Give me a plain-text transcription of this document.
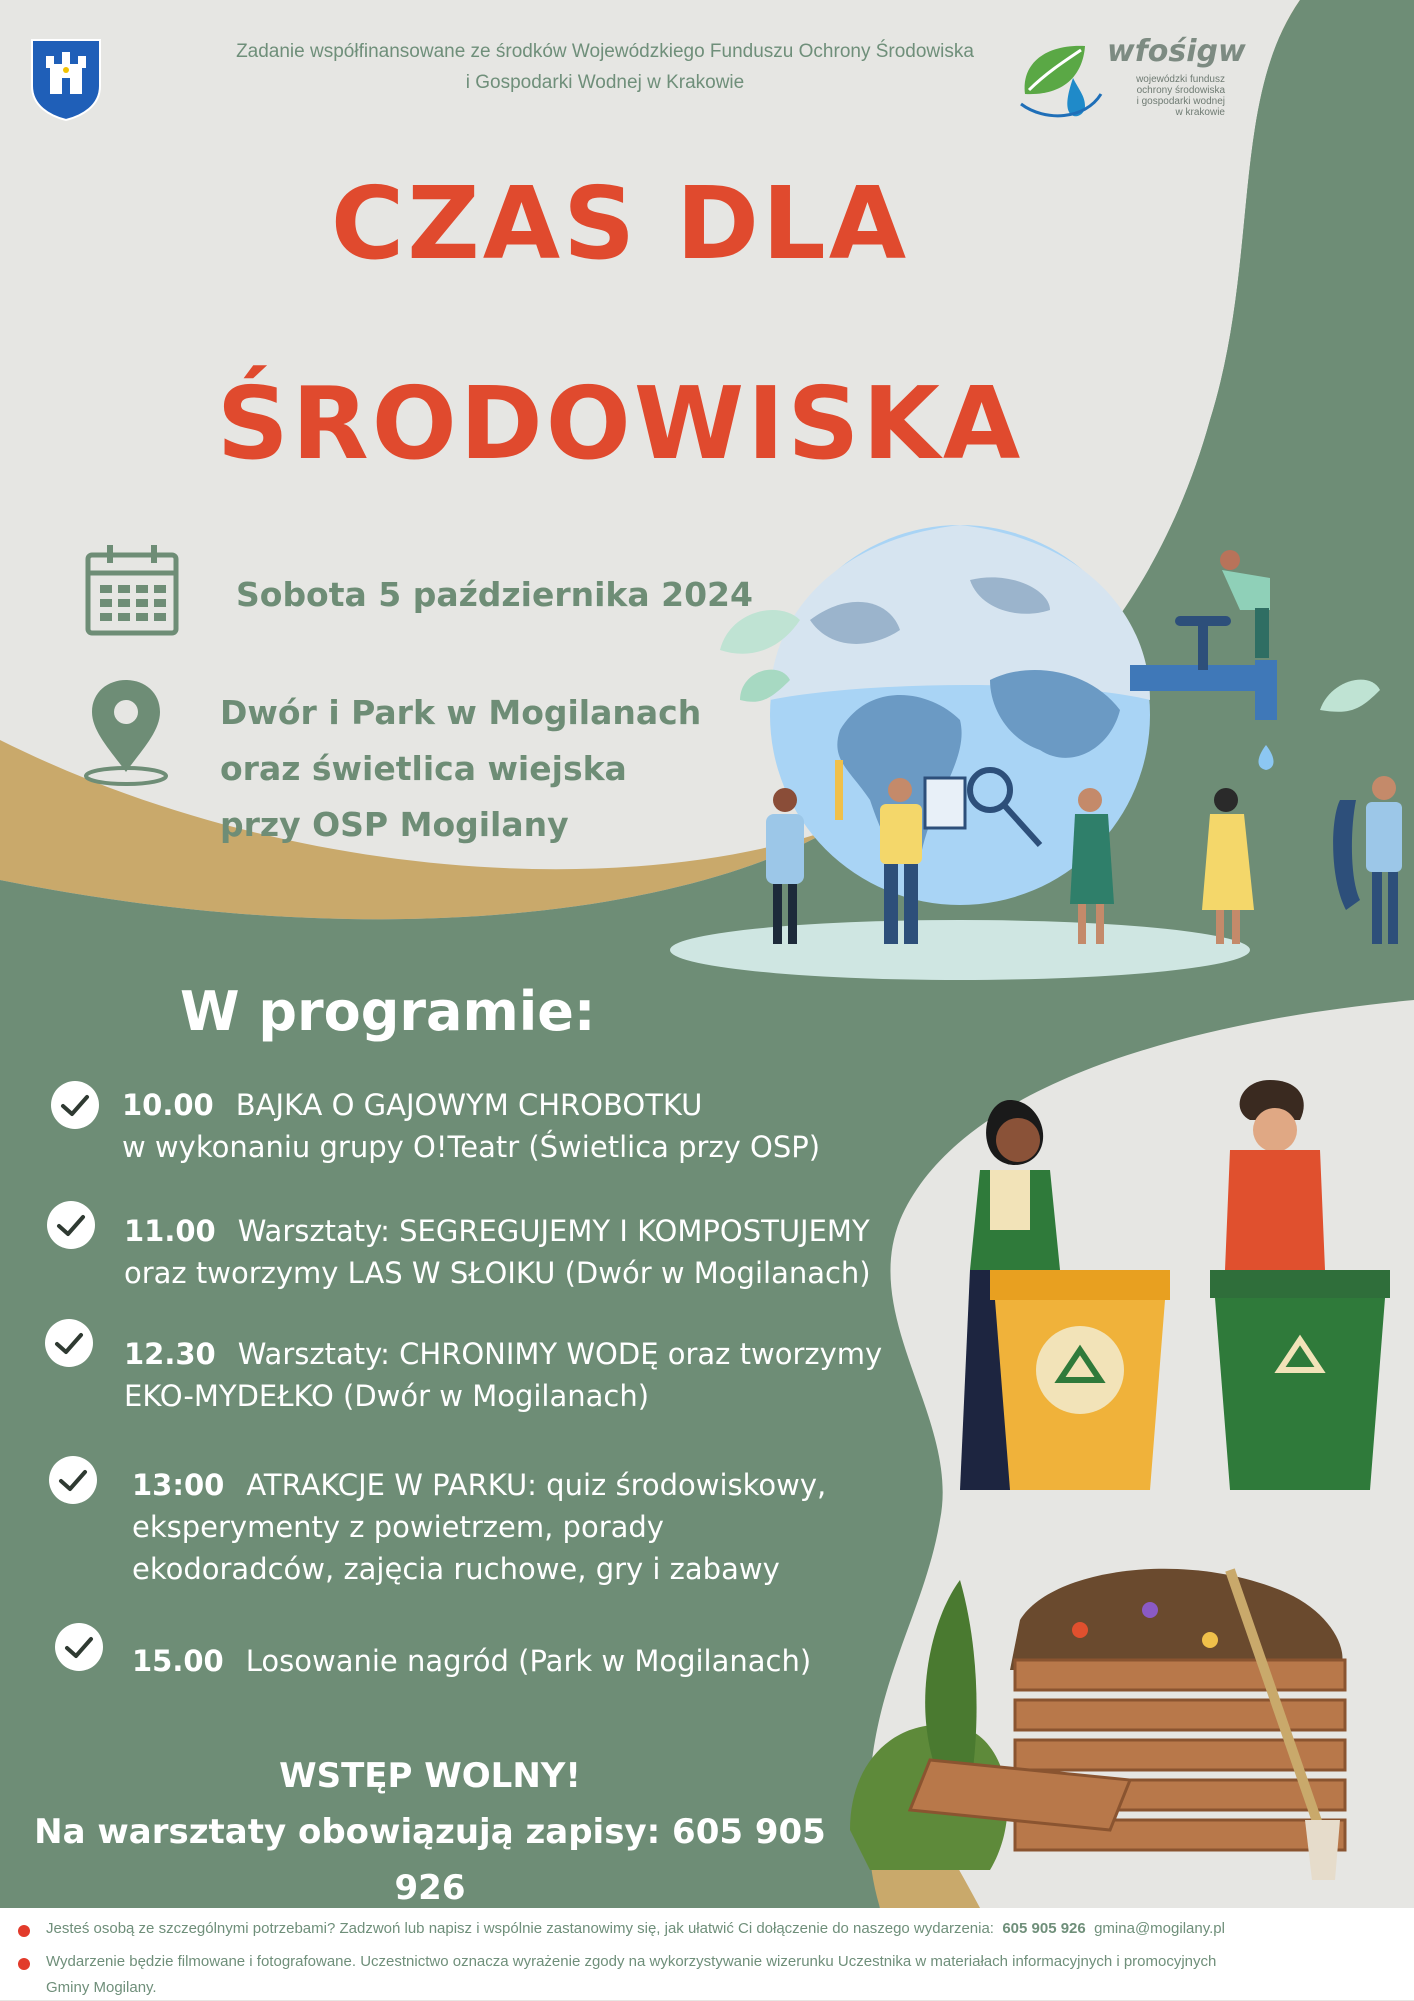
Zadanie współfinansowane ze środków Wojewódzkiego Funduszu Ochrony Środowiska
i Gospodarki Wodnej w Krakowie
wfośigw
wojewódzki fundusz
ochrony środowiska
i gospodarki wodnej
w krakowie
CZAS DLA
ŚRODOWISKA
Sobota 5 października 2024
Dwór i Park w Mogilanach
oraz świetlica wiejska
przy OSP Mogilany
W programie:
10.00 BAJKA O GAJOWYM CHROBOTKU
w wykonaniu grupy O!Teatr (Świetlica przy OSP)
11.00 Warsztaty: SEGREGUJEMY I KOMPOSTUJEMY
oraz tworzymy LAS W SŁOIKU (Dwór w Mogilanach)
12.30 Warsztaty: CHRONIMY WODĘ oraz tworzymy
EKO-MYDEŁKO (Dwór w Mogilanach)
13:00 ATRAKCJE W PARKU: quiz środowiskowy,
eksperymenty z powietrzem, porady
ekodoradców, zajęcia ruchowe, gry i zabawy
15.00 Losowanie nagród (Park w Mogilanach)
WSTĘP WOLNY!
Na warsztaty obowiązują zapisy: 605 905 926
Jesteś osobą ze szczególnymi potrzebami? Zadzwoń lub napisz i wspólnie zastanowimy się, jak ułatwić Ci dołączenie do naszego wydarzenia: 605 905 926 gmina@mogilany.pl
Wydarzenie będzie filmowane i fotografowane. Uczestnictwo oznacza wyrażenie zgody na wykorzystywanie wizerunku Uczestnika w materiałach informacyjnych i promocyjnych
Gminy Mogilany.
